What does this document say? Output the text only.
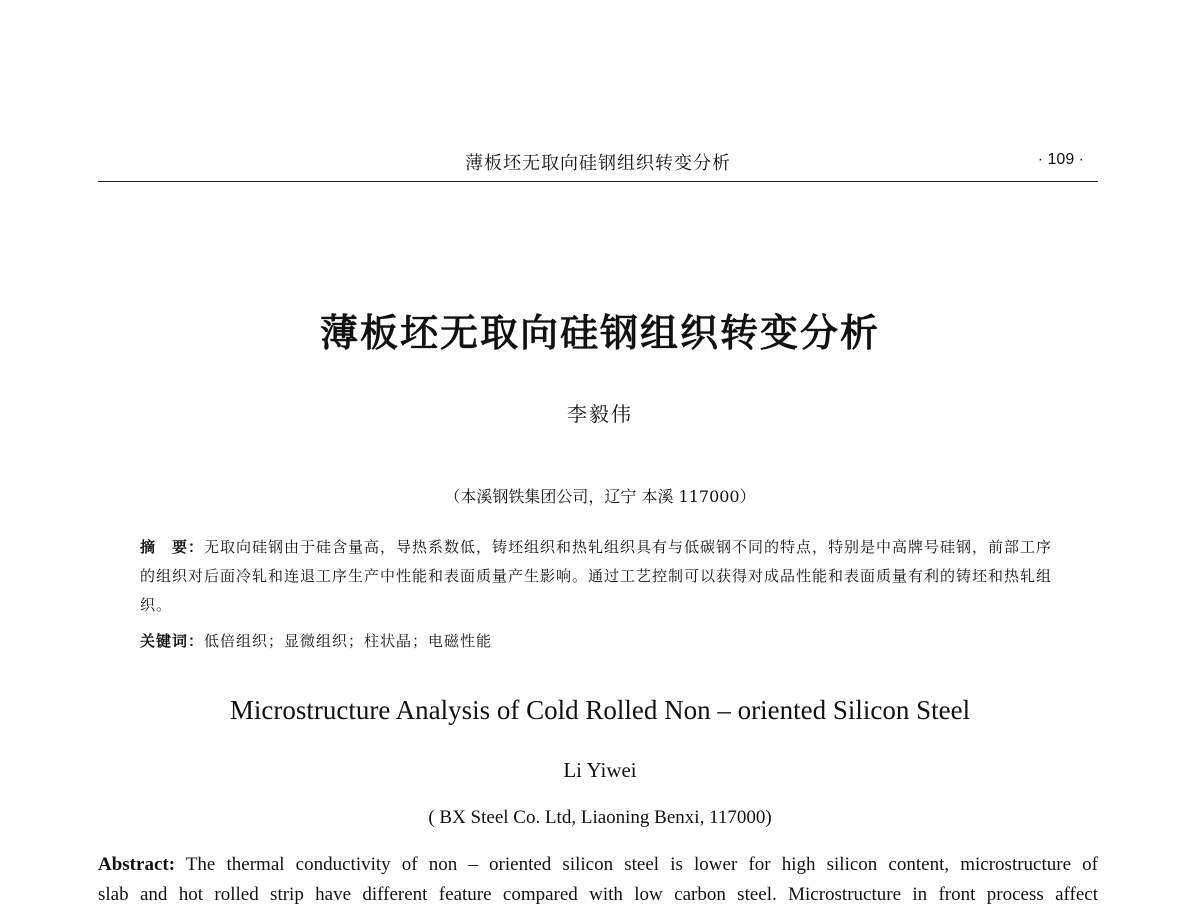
薄板坯无取向硅钢组织转变分析	· 109 ·
薄板坯无取向硅钢组织转变分析
李毅伟
（本溪钢铁集团公司，辽宁 本溪 117000）
摘　要：无取向硅钢由于硅含量高，导热系数低，铸坯组织和热轧组织具有与低碳钢不同的特点，特别是中高牌号硅钢，前部工序的组织对后面冷轧和连退工序生产中性能和表面质量产生影响。通过工艺控制可以获得对成品性能和表面质量有利的铸坯和热轧组织。
关键词：低倍组织；显微组织；柱状晶；电磁性能
Microstructure Analysis of Cold Rolled Non – oriented Silicon Steel
Li Yiwei
( BX Steel Co. Ltd, Liaoning Benxi, 117000)
Abstract: The thermal conductivity of non – oriented silicon steel is lower for high silicon content, microstructure of
slab and hot rolled strip have different feature compared with low carbon steel. Microstructure in front process affect
